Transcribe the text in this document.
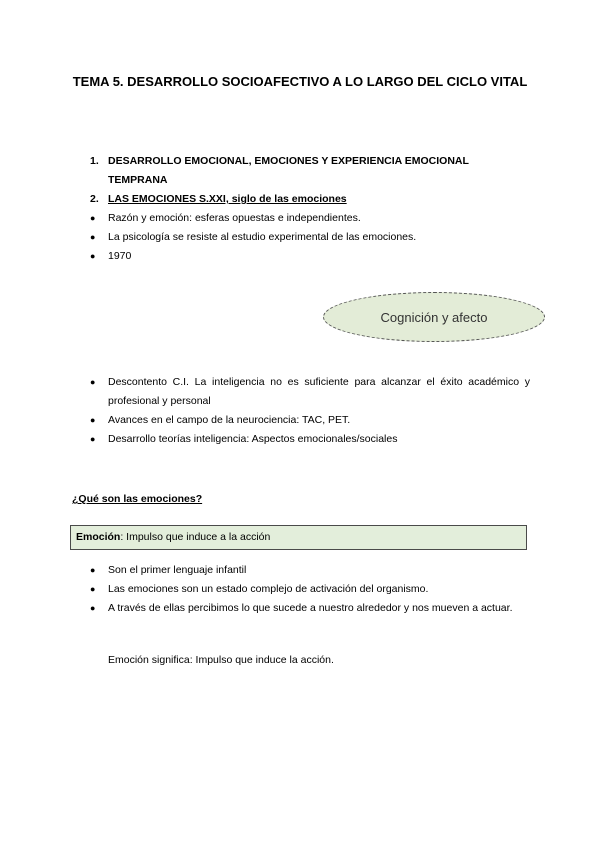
TEMA 5. DESARROLLO SOCIOAFECTIVO A LO LARGO DEL CICLO VITAL
1. DESARROLLO EMOCIONAL, EMOCIONES Y EXPERIENCIA EMOCIONAL TEMPRANA
2. LAS EMOCIONES S.XXI, siglo de las emociones
● Razón y emoción: esferas opuestas e independientes.
● La psicología se resiste al estudio experimental de las emociones.
● 1970
Cognición y afecto
● Descontento C.I. La inteligencia no es suficiente para alcanzar el éxito académico y profesional y personal
● Avances en el campo de la neurociencia: TAC, PET.
● Desarrollo teorías inteligencia: Aspectos emocionales/sociales
¿Qué son las emociones?
Emoción: Impulso que induce a la acción
● Son el primer lenguaje infantil
● Las emociones son un estado complejo de activación del organismo.
● A través de ellas percibimos lo que sucede a nuestro alrededor y nos mueven a actuar.
Emoción significa: Impulso que induce la acción.
